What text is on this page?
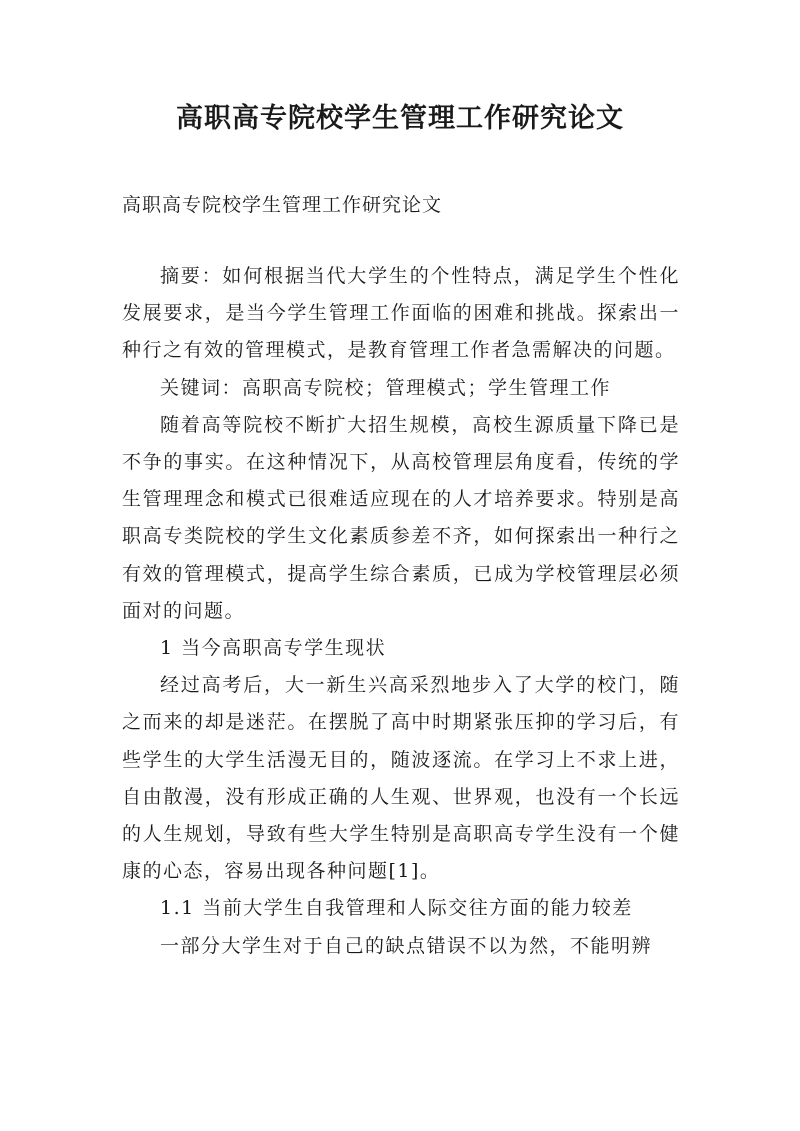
高职高专院校学生管理工作研究论文
高职高专院校学生管理工作研究论文

摘要：如何根据当代大学生的个性特点，满足学生个性化发展要求，是当今学生管理工作面临的困难和挑战。探索出一种行之有效的管理模式，是教育管理工作者急需解决的问题。

关键词：高职高专院校；管理模式；学生管理工作

随着高等院校不断扩大招生规模，高校生源质量下降已是不争的事实。在这种情况下，从高校管理层角度看，传统的学生管理理念和模式已很难适应现在的人才培养要求。特别是高职高专类院校的学生文化素质参差不齐，如何探索出一种行之有效的管理模式，提高学生综合素质，已成为学校管理层必须面对的问题。

1 当今高职高专学生现状

经过高考后，大一新生兴高采烈地步入了大学的校门，随之而来的却是迷茫。在摆脱了高中时期紧张压抑的学习后，有些学生的大学生活漫无目的，随波逐流。在学习上不求上进，自由散漫，没有形成正确的人生观、世界观，也没有一个长远的人生规划，导致有些大学生特别是高职高专学生没有一个健康的心态，容易出现各种问题[1]。

1.1 当前大学生自我管理和人际交往方面的能力较差

一部分大学生对于自己的缺点错误不以为然，不能明辨
